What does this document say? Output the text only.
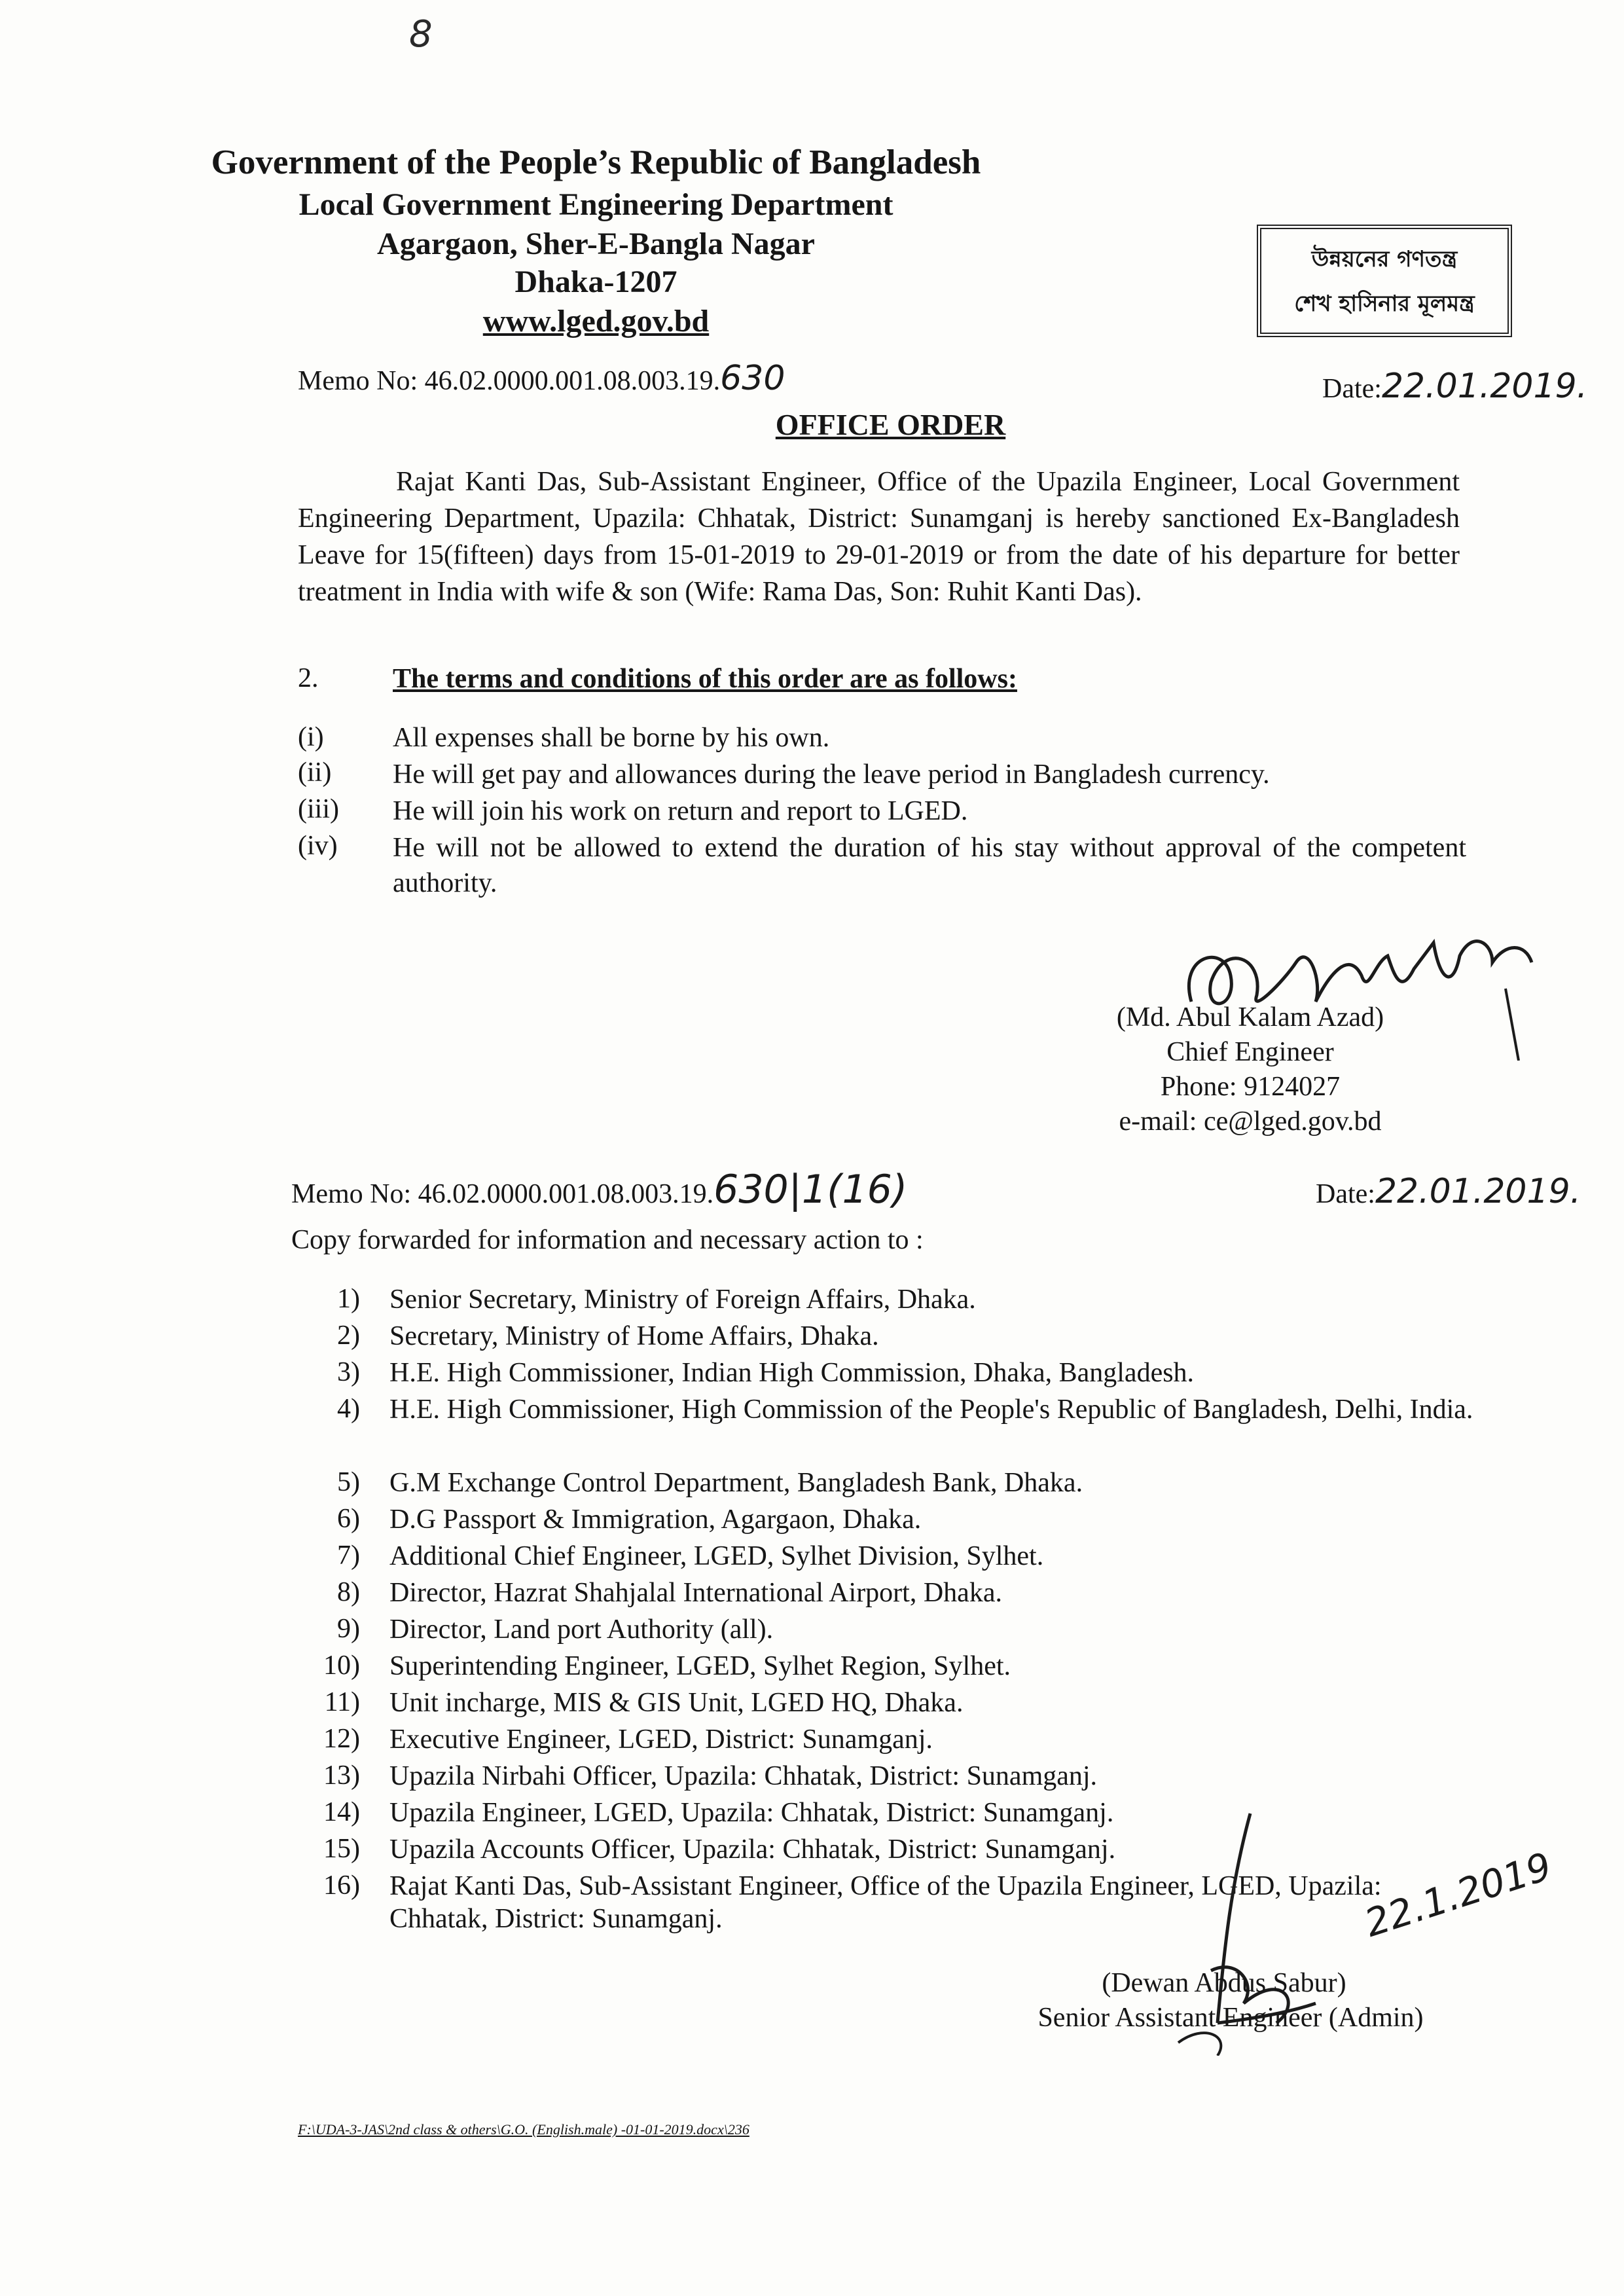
8
Government of the People’s Republic of Bangladesh
Local Government Engineering Department
Agargaon, Sher-E-Bangla Nagar
Dhaka-1207
www.lged.gov.bd
উন্নয়নের গণতন্ত্র
শেখ হাসিনার মূলমন্ত্র
Memo No: 46.02.0000.001.08.003.19.630	Date:22.01.2019.
OFFICE ORDER
Rajat Kanti Das, Sub-Assistant Engineer, Office of the Upazila Engineer, Local Government Engineering Department, Upazila: Chhatak, District: Sunamganj is hereby sanctioned Ex-Bangladesh Leave for 15(fifteen) days from 15-01-2019 to 29-01-2019 or from the date of his departure for better treatment in India with wife & son (Wife: Rama Das, Son: Ruhit Kanti Das).
2.	The terms and conditions of this order are as follows:
(i)	All expenses shall be borne by his own.
(ii) He will get pay and allowances during the leave period in Bangladesh currency.
(iii) He will join his work on return and report to LGED.
(iv) He will not be allowed to extend the duration of his stay without approval of the competent authority.
(Md. Abul Kalam Azad)
Chief Engineer
Phone: 9124027
e-mail: ce@lged.gov.bd
Memo No: 46.02.0000.001.08.003.19.630|1(16)	Date:22.01.2019.
Copy forwarded for information and necessary action to :
1) Senior Secretary, Ministry of Foreign Affairs, Dhaka.
2) Secretary, Ministry of Home Affairs, Dhaka.
3) H.E. High Commissioner, Indian High Commission, Dhaka, Bangladesh.
4) H.E. High Commissioner, High Commission of the People's Republic of Bangladesh, Delhi, India.
5) G.M Exchange Control Department, Bangladesh Bank, Dhaka.
6) D.G Passport & Immigration, Agargaon, Dhaka.
7) Additional Chief Engineer, LGED, Sylhet Division, Sylhet.
8) Director, Hazrat Shahjalal International Airport, Dhaka.
9) Director, Land port Authority (all).
10) Superintending Engineer, LGED, Sylhet Region, Sylhet.
11) Unit incharge, MIS & GIS Unit, LGED HQ, Dhaka.
12) Executive Engineer, LGED, District: Sunamganj.
13) Upazila Nirbahi Officer, Upazila: Chhatak, District: Sunamganj.
14) Upazila Engineer, LGED, Upazila: Chhatak, District: Sunamganj.
15) Upazila Accounts Officer, Upazila: Chhatak, District: Sunamganj.
16) Rajat Kanti Das, Sub-Assistant Engineer, Office of the Upazila Engineer, LGED, Upazila: Chhatak, District: Sunamganj.	22.1.2019
(Dewan Abdus Sabur)
Senior Assistant Engineer (Admin)
F:\UDA-3-JAS\2nd class & others\G.O. (English.male) -01-01-2019.docx\236
